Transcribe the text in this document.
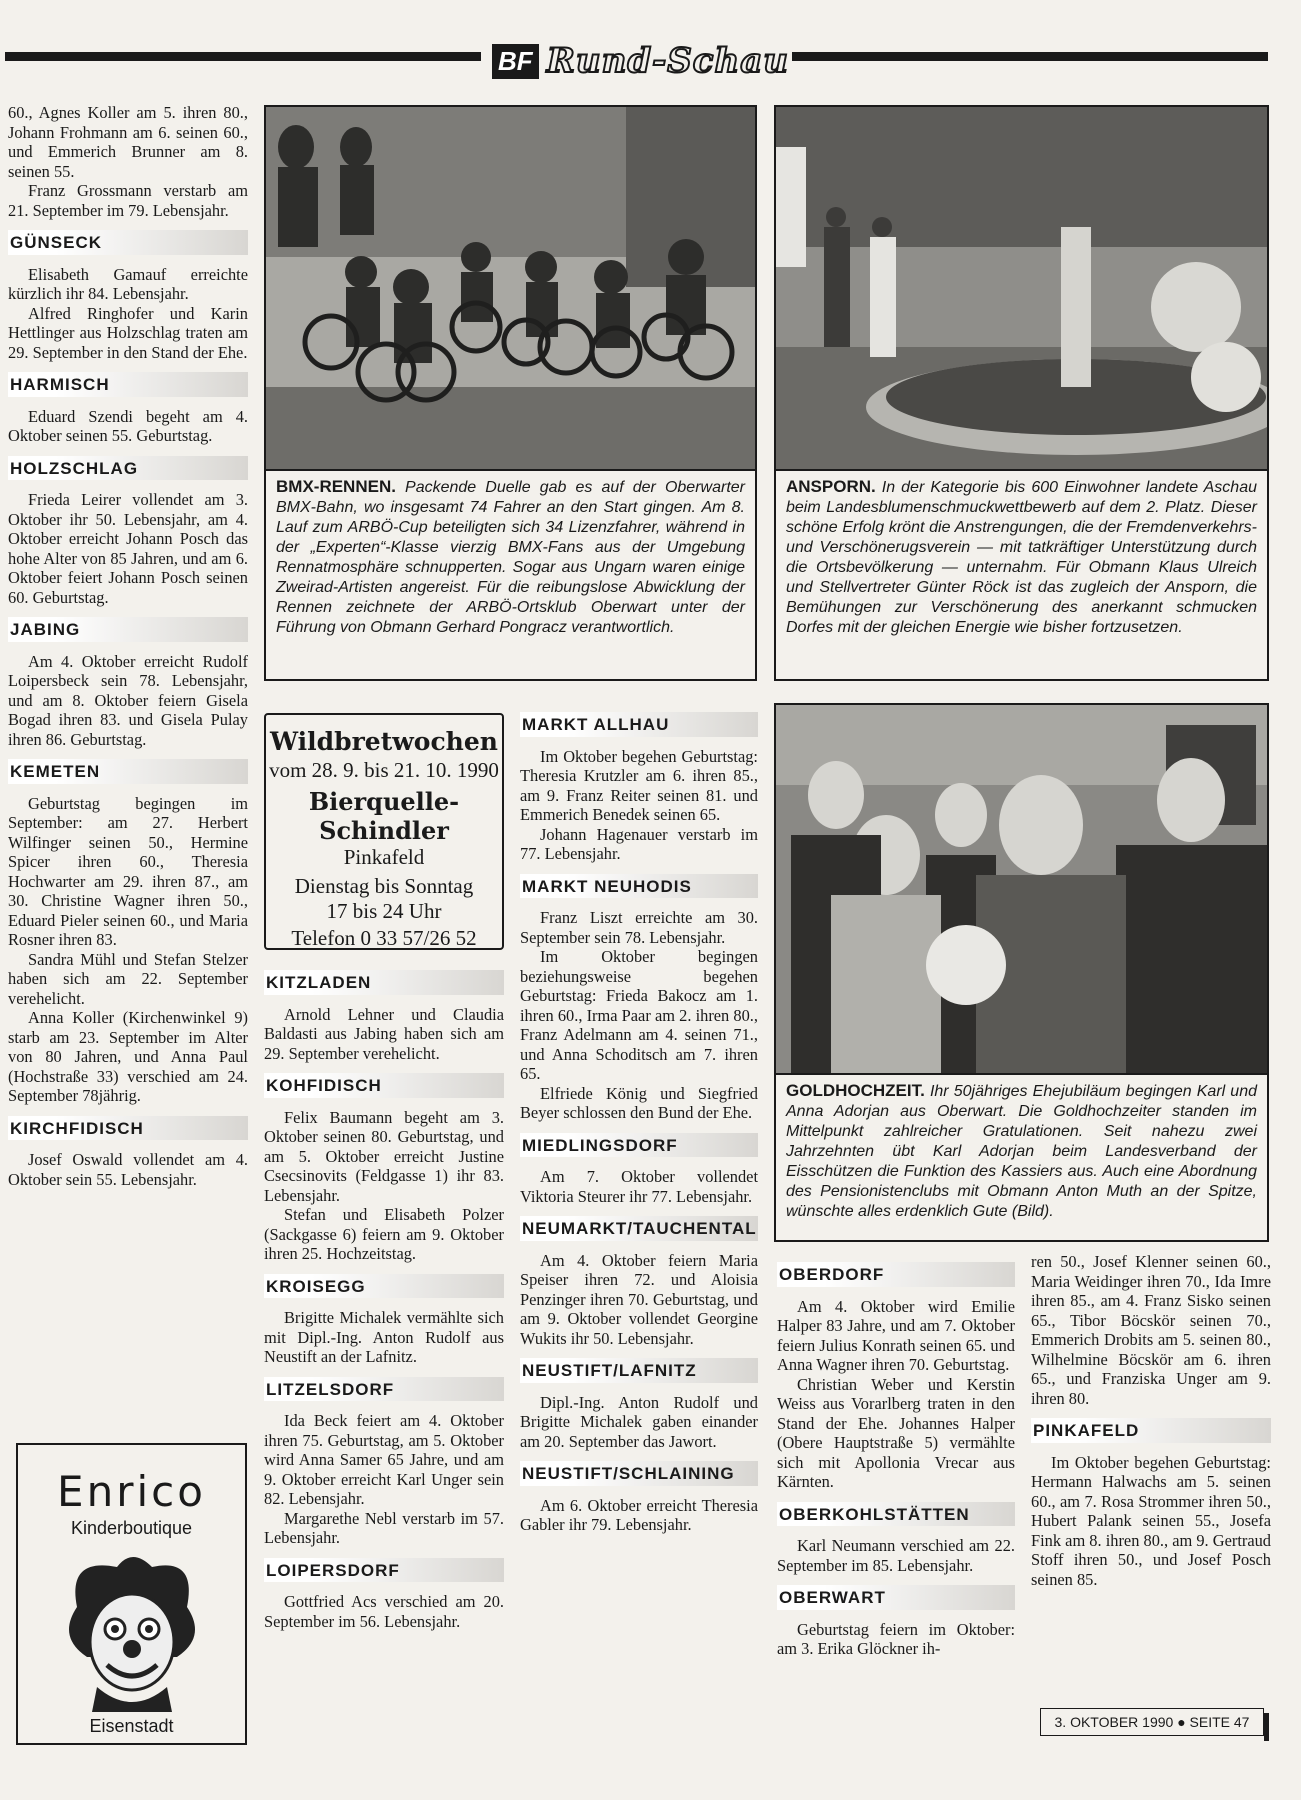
BF Rund-Schau

60., Agnes Koller am 5. ihren 80., Johann Frohmann am 6. seinen 60., und Emmerich Brunner am 8. seinen 55.

Franz Grossmann verstarb am 21. September im 79. Lebensjahr.

GÜNSECK

Elisabeth Gamauf erreichte kürzlich ihr 84. Lebensjahr.

Alfred Ringhofer und Karin Hettlinger aus Holzschlag traten am 29. September in den Stand der Ehe.

HARMISCH

Eduard Szendi begeht am 4. Oktober seinen 55. Geburtstag.

HOLZSCHLAG

Frieda Leirer vollendet am 3. Oktober ihr 50. Lebensjahr, am 4. Oktober erreicht Johann Posch das hohe Alter von 85 Jahren, und am 6. Oktober feiert Johann Posch seinen 60. Geburtstag.

JABING

Am 4. Oktober erreicht Rudolf Loipersbeck sein 78. Lebensjahr, und am 8. Oktober feiern Gisela Bogad ihren 83. und Gisela Pulay ihren 86. Geburtstag.

KEMETEN

Geburtstag begingen im September: am 27. Herbert Wilfinger seinen 50., Hermine Spicer ihren 60., Theresia Hochwarter am 29. ihren 87., am 30. Christine Wagner ihren 50., Eduard Pieler seinen 60., und Maria Rosner ihren 83.

Sandra Mühl und Stefan Stelzer haben sich am 22. September verehelicht.

Anna Koller (Kirchenwinkel 9) starb am 23. September im Alter von 80 Jahren, und Anna Paul (Hochstraße 33) verschied am 24. September 78jährig.

KIRCHFIDISCH

Josef Oswald vollendet am 4. Oktober sein 55. Lebensjahr.

Enrico
Kinderboutique
Eisenstadt
BMX-RENNEN. Packende Duelle gab es auf der Oberwarter BMX-Bahn, wo insgesamt 74 Fahrer an den Start gingen. Am 8. Lauf zum ARBÖ-Cup beteiligten sich 34 Lizenzfahrer, während in der „Experten“-Klasse vierzig BMX-Fans aus der Umgebung Rennatmosphäre schnupperten. Sogar aus Ungarn waren einige Zweirad-Artisten angereist. Für die reibungslose Abwicklung der Rennen zeichnete der ARBÖ-Ortsklub Oberwart unter der Führung von Obmann Gerhard Pongracz verantwortlich.
ANSPORN. In der Kategorie bis 600 Einwohner landete Aschau beim Landesblumenschmuckwettbewerb auf dem 2. Platz. Dieser schöne Erfolg krönt die Anstrengungen, die der Fremdenverkehrs- und Verschönerugsverein — mit tatkräftiger Unterstützung durch die Ortsbevölkerung — unternahm. Für Obmann Klaus Ulreich und Stellvertreter Günter Röck ist das zugleich der Ansporn, die Bemühungen zur Verschönerung des anerkannt schmucken Dorfes mit der gleichen Energie wie bisher fortzusetzen.
Wildbretwochen
vom 28. 9. bis 21. 10. 1990
Bierquelle-Schindler
Pinkafeld
Dienstag bis Sonntag
17 bis 24 Uhr
Telefon 0 33 57/26 52
KITZLADEN

Arnold Lehner und Claudia Baldasti aus Jabing haben sich am 29. September verehelicht.

KOHFIDISCH

Felix Baumann begeht am 3. Oktober seinen 80. Geburtstag, und am 5. Oktober erreicht Justine Csecsinovits (Feldgasse 1) ihr 83. Lebensjahr.

Stefan und Elisabeth Polzer (Sackgasse 6) feiern am 9. Oktober ihren 25. Hochzeitstag.

KROISEGG

Brigitte Michalek vermählte sich mit Dipl.-Ing. Anton Rudolf aus Neustift an der Lafnitz.

LITZELSDORF

Ida Beck feiert am 4. Oktober ihren 75. Geburtstag, am 5. Oktober wird Anna Samer 65 Jahre, und am 9. Oktober erreicht Karl Unger sein 82. Lebensjahr.

Margarethe Nebl verstarb im 57. Lebensjahr.

LOIPERSDORF

Gottfried Acs verschied am 20. September im 56. Lebensjahr.

MARKT ALLHAU

Im Oktober begehen Geburtstag: Theresia Krutzler am 6. ihren 85., am 9. Franz Reiter seinen 81. und Emmerich Benedek seinen 65.

Johann Hagenauer verstarb im 77. Lebensjahr.

MARKT NEUHODIS

Franz Liszt erreichte am 30. September sein 78. Lebensjahr.

Im Oktober begingen beziehungsweise begehen Geburtstag: Frieda Bakocz am 1. ihren 60., Irma Paar am 2. ihren 80., Franz Adelmann am 4. seinen 71., und Anna Schoditsch am 7. ihren 65.

Elfriede König und Siegfried Beyer schlossen den Bund der Ehe.

MIEDLINGSDORF

Am 7. Oktober vollendet Viktoria Steurer ihr 77. Lebensjahr.

NEUMARKT/TAUCHENTAL

Am 4. Oktober feiern Maria Speiser ihren 72. und Aloisia Penzinger ihren 70. Geburtstag, und am 9. Oktober vollendet Georgine Wukits ihr 50. Lebensjahr.

NEUSTIFT/LAFNITZ

Dipl.-Ing. Anton Rudolf und Brigitte Michalek gaben einander am 20. September das Jawort.

NEUSTIFT/SCHLAINING

Am 6. Oktober erreicht Theresia Gabler ihr 79. Lebensjahr.

GOLDHOCHZEIT. Ihr 50jähriges Ehejubiläum begingen Karl und Anna Adorjan aus Oberwart. Die Goldhochzeiter standen im Mittelpunkt zahlreicher Gratulationen. Seit nahezu zwei Jahrzehnten übt Karl Adorjan beim Landesverband der Eisschützen die Funktion des Kassiers aus. Auch eine Abordnung des Pensionistenclubs mit Obmann Anton Muth an der Spitze, wünschte alles erdenklich Gute (Bild).
OBERDORF

Am 4. Oktober wird Emilie Halper 83 Jahre, und am 7. Oktober feiern Julius Konrath seinen 65. und Anna Wagner ihren 70. Geburtstag.

Christian Weber und Kerstin Weiss aus Vorarlberg traten in den Stand der Ehe. Johannes Halper (Obere Hauptstraße 5) vermählte sich mit Apollonia Vrecar aus Kärnten.

OBERKOHLSTÄTTEN

Karl Neumann verschied am 22. September im 85. Lebensjahr.

OBERWART

Geburtstag feiern im Oktober: am 3. Erika Glöckner ih-

ren 50., Josef Klenner seinen 60., Maria Weidinger ihren 70., Ida Imre ihren 85., am 4. Franz Sisko seinen 65., Tibor Böcskör seinen 70., Emmerich Drobits am 5. seinen 80., Wilhelmine Böcskör am 6. ihren 65., und Franziska Unger am 9. ihren 80.

PINKAFELD

Im Oktober begehen Geburtstag: Hermann Halwachs am 5. seinen 60., am 7. Rosa Strommer ihren 50., Hubert Palank seinen 55., Josefa Fink am 8. ihren 80., am 9. Gertraud Stoff ihren 50., und Josef Posch seinen 85.

3. OKTOBER 1990 ● SEITE 47
